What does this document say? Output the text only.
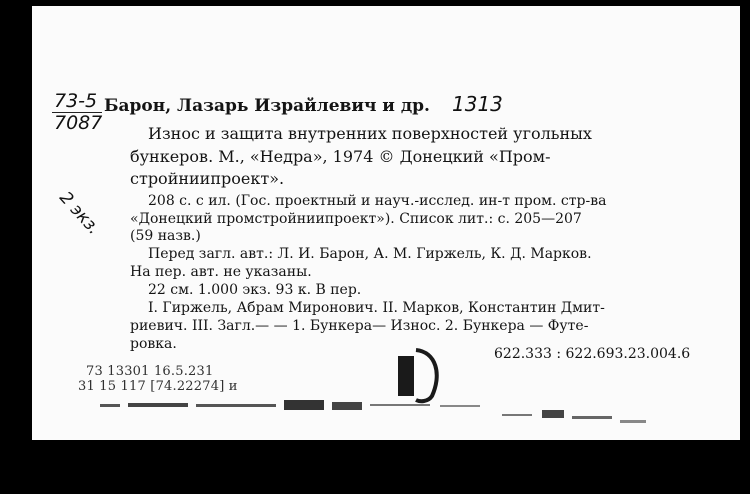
73-5
7087
2 экз.
Барон, Лазарь Израйлевич и др. 1313
Износ и защита внутренних поверхностей угольных
бункеров. М., «Недра», 1974 © Донецкий «Пром-
стройниипроект».
208 с. с ил. (Гос. проектный и науч.-исслед. ин-т пром. стр-ва
«Донецкий промстройниипроект»). Список лит.: с. 205—207
(59 назв.)
Перед загл. авт.: Л. И. Барон, А. М. Гиржель, К. Д. Марков.
На пер. авт. не указаны.
22 см. 1.000 экз. 93 к. В пер.
I. Гиржель, Абрам Миронович. II. Марков, Константин Дмит-
риевич. III. Загл.— — 1. Бункера— Износ. 2. Бункера — Футе-
ровка.
622.333 : 622.693.23.004.6
73 13301 16.5.231
31 15 117 [74.22274] и
